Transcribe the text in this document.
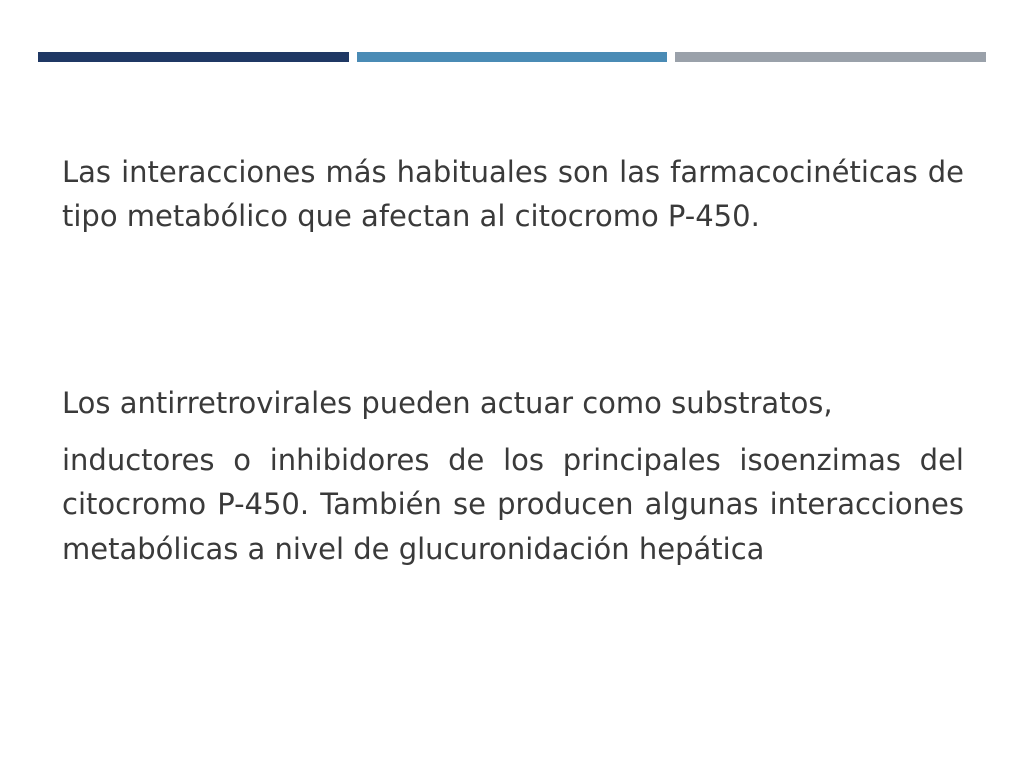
Las interacciones más habituales son las farmacocinéticas de tipo metabólico que afectan al citocromo P-450.

Los antirretrovirales pueden actuar como substratos,

inductores o inhibidores de los principales isoenzimas del citocromo P-450. También se producen algunas interacciones metabólicas a nivel de glucuronidación hepática
